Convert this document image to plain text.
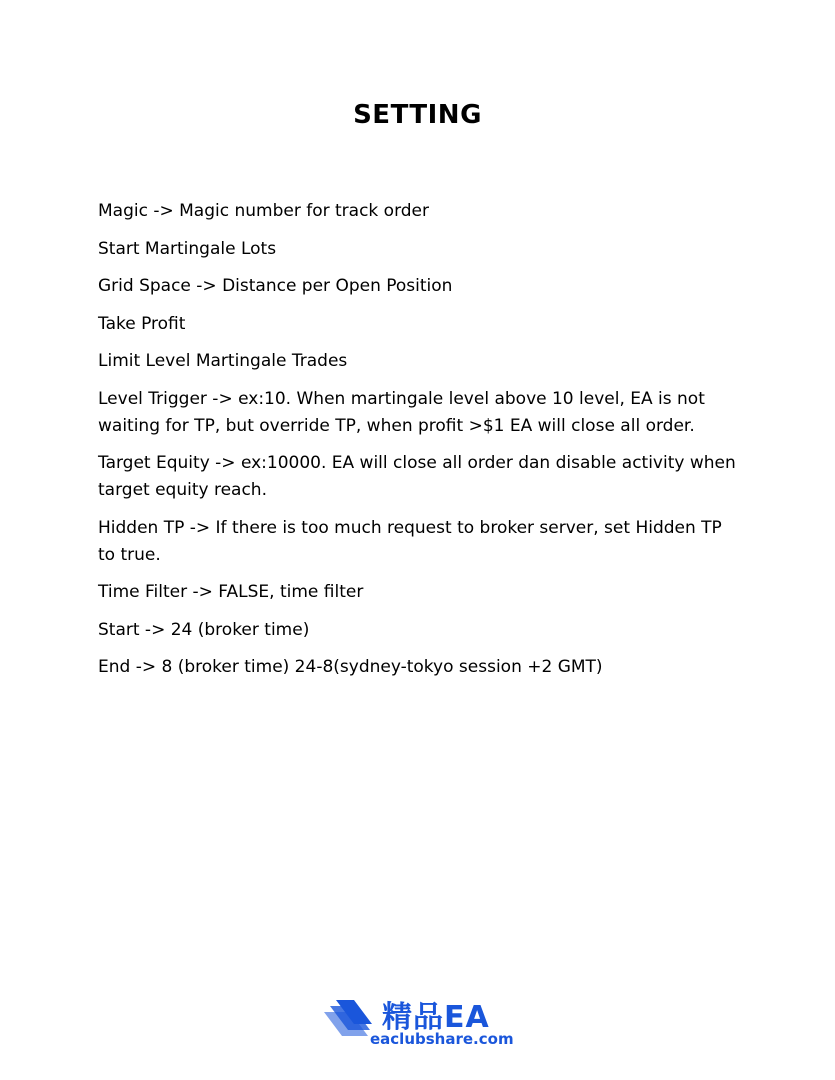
SETTING
Magic -> Magic number for track order
Start Martingale Lots
Grid Space -> Distance per Open Position
Take Profit
Limit Level Martingale Trades
Level Trigger -> ex:10. When martingale level above 10 level, EA is not waiting for TP, but override TP, when profit >$1 EA will close all order.
Target Equity -> ex:10000. EA will close all order dan disable activity when target equity reach.
Hidden TP -> If there is too much request to broker server, set Hidden TP to true.
Time Filter -> FALSE, time filter
Start -> 24 (broker time)
End -> 8 (broker time) 24-8(sydney-tokyo session +2 GMT)
精品EA
eaclubshare.com
